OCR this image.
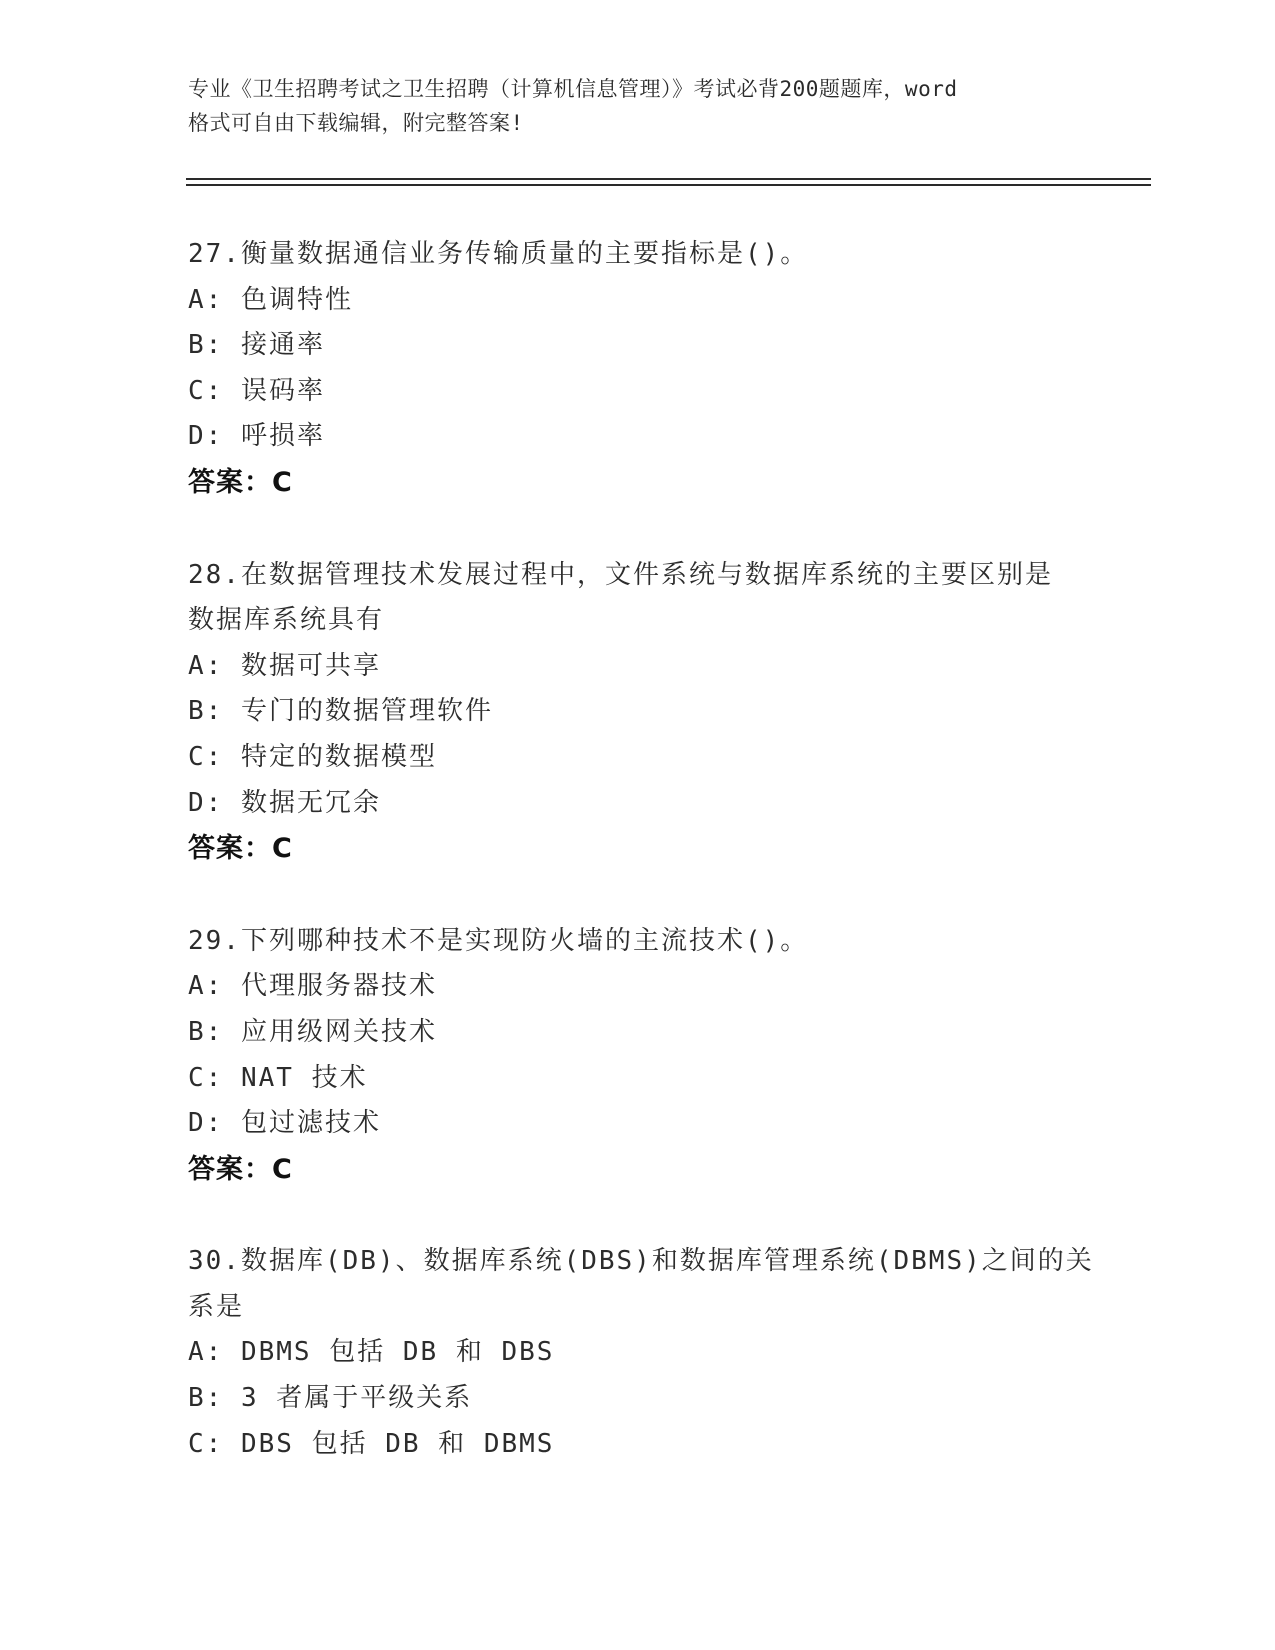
专业《卫生招聘考试之卫生招聘（计算机信息管理）》考试必背200题题库，word
格式可自由下载编辑，附完整答案!
27.衡量数据通信业务传输质量的主要指标是()。
A: 色调特性
B: 接通率
C: 误码率
D: 呼损率
答案：C
28.在数据管理技术发展过程中，文件系统与数据库系统的主要区别是
数据库系统具有
A: 数据可共享
B: 专门的数据管理软件
C: 特定的数据模型
D: 数据无冗余
答案：C
29.下列哪种技术不是实现防火墙的主流技术()。
A: 代理服务器技术
B: 应用级网关技术
C: NAT 技术
D: 包过滤技术
答案：C
30.数据库(DB)、数据库系统(DBS)和数据库管理系统(DBMS)之间的关
系是
A: DBMS 包括 DB 和 DBS
B: 3 者属于平级关系
C: DBS 包括 DB 和 DBMS
